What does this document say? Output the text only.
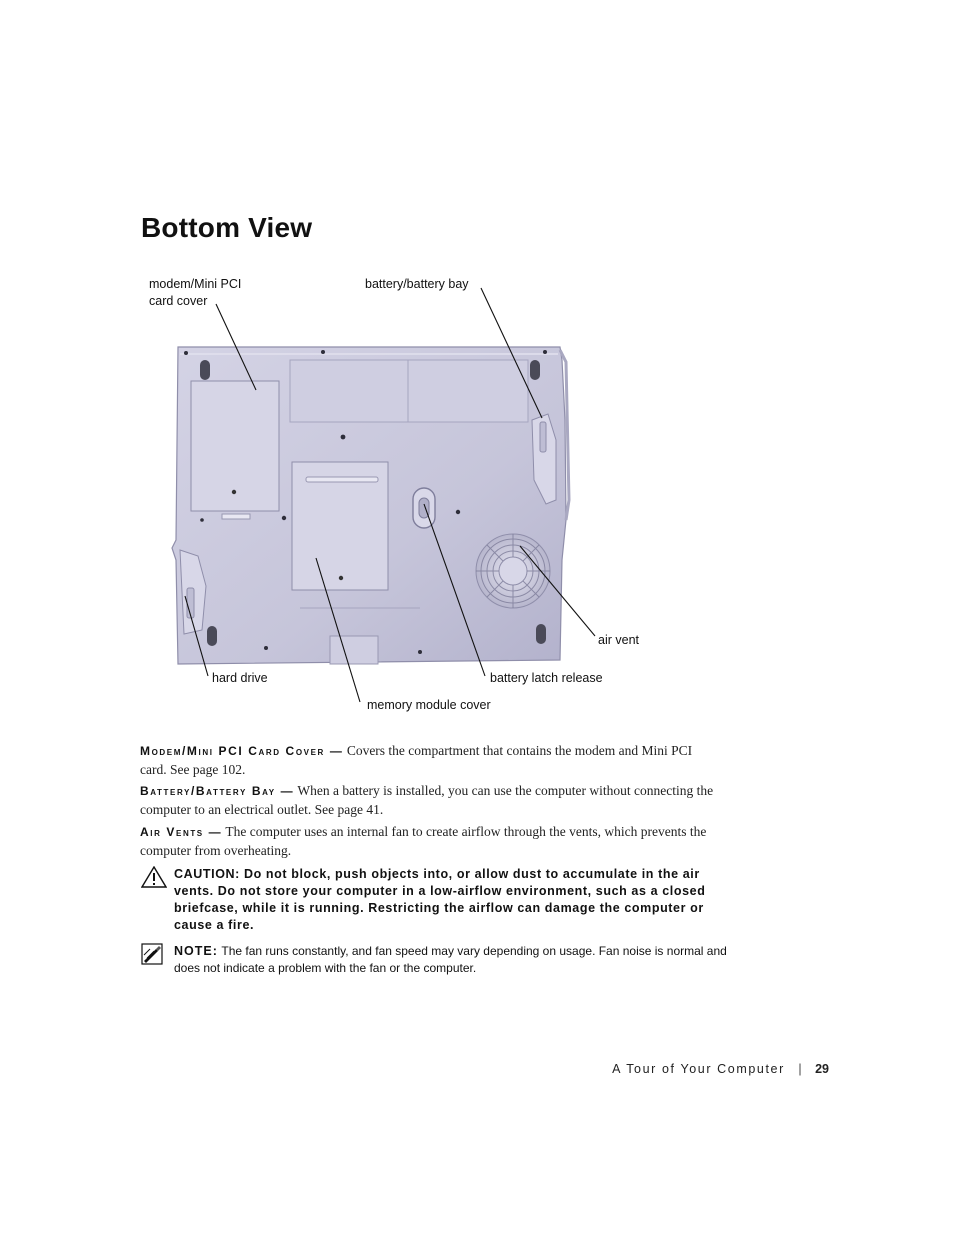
Bottom View
modem/Mini PCI
card cover
battery/battery bay
air vent
hard drive	battery latch release
memory module cover

Modem/Mini PCI Card Cover — Covers the compartment that contains the modem and Mini PCI card. See page 102.

Battery/Battery Bay — When a battery is installed, you can use the computer without connecting the computer to an electrical outlet. See page 41.

Air Vents — The computer uses an internal fan to create airflow through the vents, which prevents the computer from overheating.

CAUTION: Do not block, push objects into, or allow dust to accumulate in the air vents. Do not store your computer in a low-airflow environment, such as a closed briefcase, while it is running. Restricting the airflow can damage the computer or cause a fire.
NOTE: The fan runs constantly, and fan speed may vary depending on usage. Fan noise is normal and does not indicate a problem with the fan or the computer.
A Tour of Your Computer | 29
